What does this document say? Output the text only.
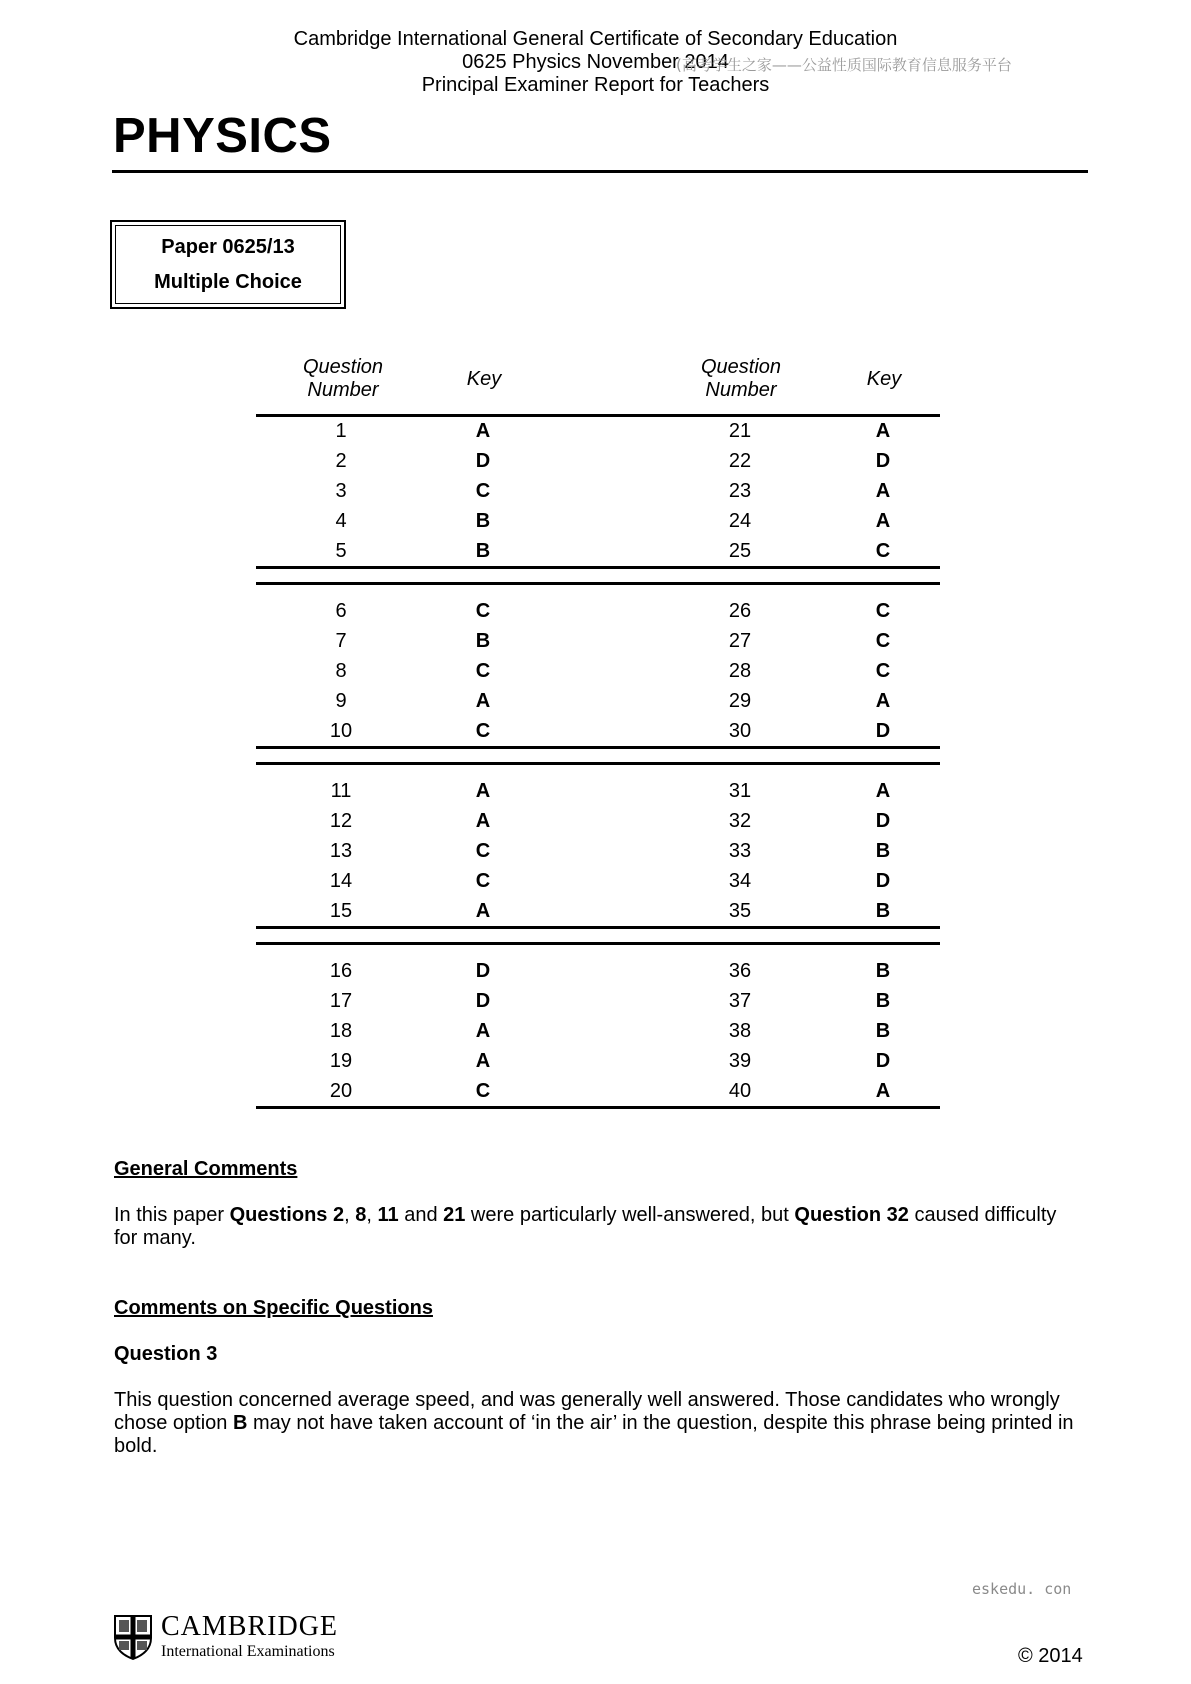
Cambridge International General Certificate of Secondary Education
0625 Physics November 2014
Principal Examiner Report for Teachers
(高考学生之家——公益性质国际教育信息服务平台
PHYSICS
Paper 0625/13
Multiple Choice
Question
Number	Key
Question
Number	Key
1	A	21	A
2	D	22	D
3	C	23	A
4	B	24	A
5	B	25	C
6	C	26	C
7	B	27	C
8	C	28	C
9	A	29	A
10	C	30	D
11	A	31	A
12	A	32	D
13	C	33	B
14	C	34	D
15	A	35	B
16	D	36	B
17	D	37	B
18	A	38	B
19	A	39	D
20	C	40	A
General Comments
In this paper Questions 2, 8, 11 and 21 were particularly well-answered, but Question 32 caused difficulty for many.
Comments on Specific Questions
Question 3
This question concerned average speed, and was generally well answered. Those candidates who wrongly chose option B may not have taken account of ‘in the air’ in the question, despite this phrase being printed in bold.
eskedu. con
CAMBRIDGE
International Examinations	© 2014
